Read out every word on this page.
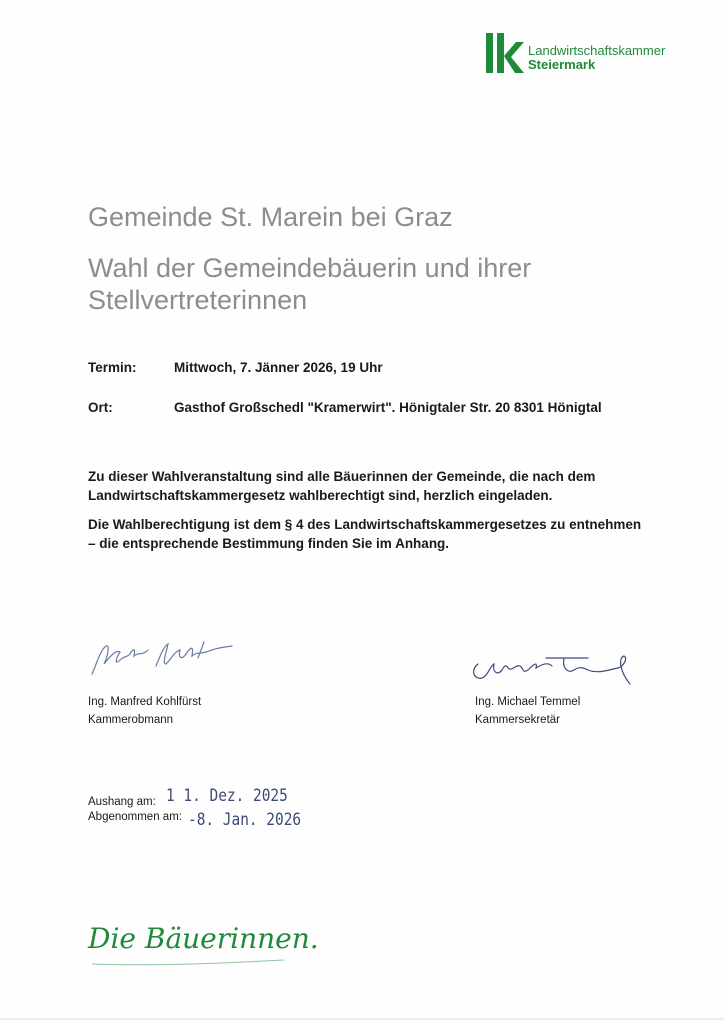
Landwirtschaftskammer
Steiermark
Gemeinde St. Marein bei Graz
Wahl der Gemeindebäuerin und ihrer Stellvertreterinnen
Termin:	Mittwoch, 7. Jänner 2026, 19 Uhr
Ort:	Gasthof Großschedl "Kramerwirt". Hönigtaler Str. 20 8301 Hönigtal
Zu dieser Wahlveranstaltung sind alle Bäuerinnen der Gemeinde, die nach dem Landwirtschaftskammergesetz wahlberechtigt sind, herzlich eingeladen.
Die Wahlberechtigung ist dem § 4 des Landwirtschaftskammergesetzes zu entnehmen – die entsprechende Bestimmung finden Sie im Anhang.
Ing. Manfred Kohlfürst
Kammerobmann
Ing. Michael Temmel
Kammersekretär
Aushang am:
Abgenommen am:
1 1. Dez. 2025
-8. Jan. 2026
Die Bäuerinnen.
